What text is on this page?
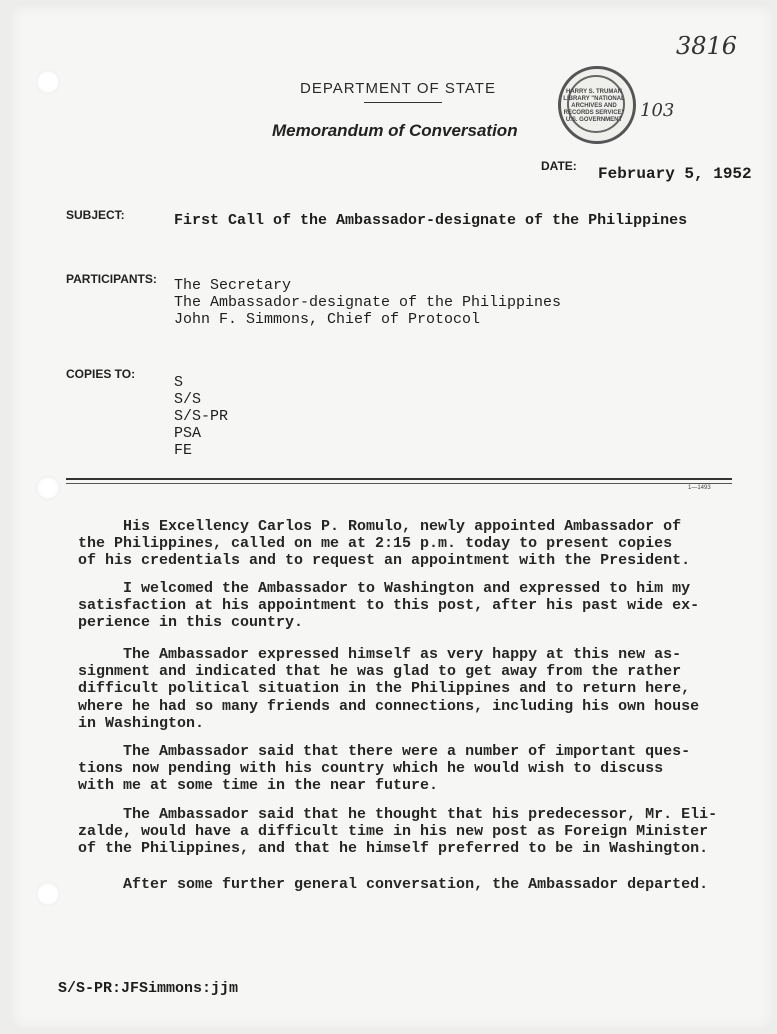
3816
103
DEPARTMENT OF STATE
Memorandum of Conversation
HARRY S. TRUMAN LIBRARY "NATIONAL ARCHIVES AND RECORDS SERVICE" U.S. GOVERNMENT
DATE: February 5, 1952
SUBJECT:	First Call of the Ambassador-designate of the Philippines
PARTICIPANTS: The Secretary
The Ambassador-designate of the Philippines
John F. Simmons, Chief of Protocol
COPIES TO:	S
S/S
S/S-PR
PSA
FE
1—1493
His Excellency Carlos P. Romulo, newly appointed Ambassador of
the Philippines, called on me at 2:15 p.m. today to present copies
of his credentials and to request an appointment with the President.
I welcomed the Ambassador to Washington and expressed to him my
satisfaction at his appointment to this post, after his past wide ex-
perience in this country.
The Ambassador expressed himself as very happy at this new as-
signment and indicated that he was glad to get away from the rather
difficult political situation in the Philippines and to return here,
where he had so many friends and connections, including his own house
in Washington.
The Ambassador said that there were a number of important ques-
tions now pending with his country which he would wish to discuss
with me at some time in the near future.
The Ambassador said that he thought that his predecessor, Mr. Eli-
zalde, would have a difficult time in his new post as Foreign Minister
of the Philippines, and that he himself preferred to be in Washington.
After some further general conversation, the Ambassador departed.
S/S-PR:JFSimmons:jjm
